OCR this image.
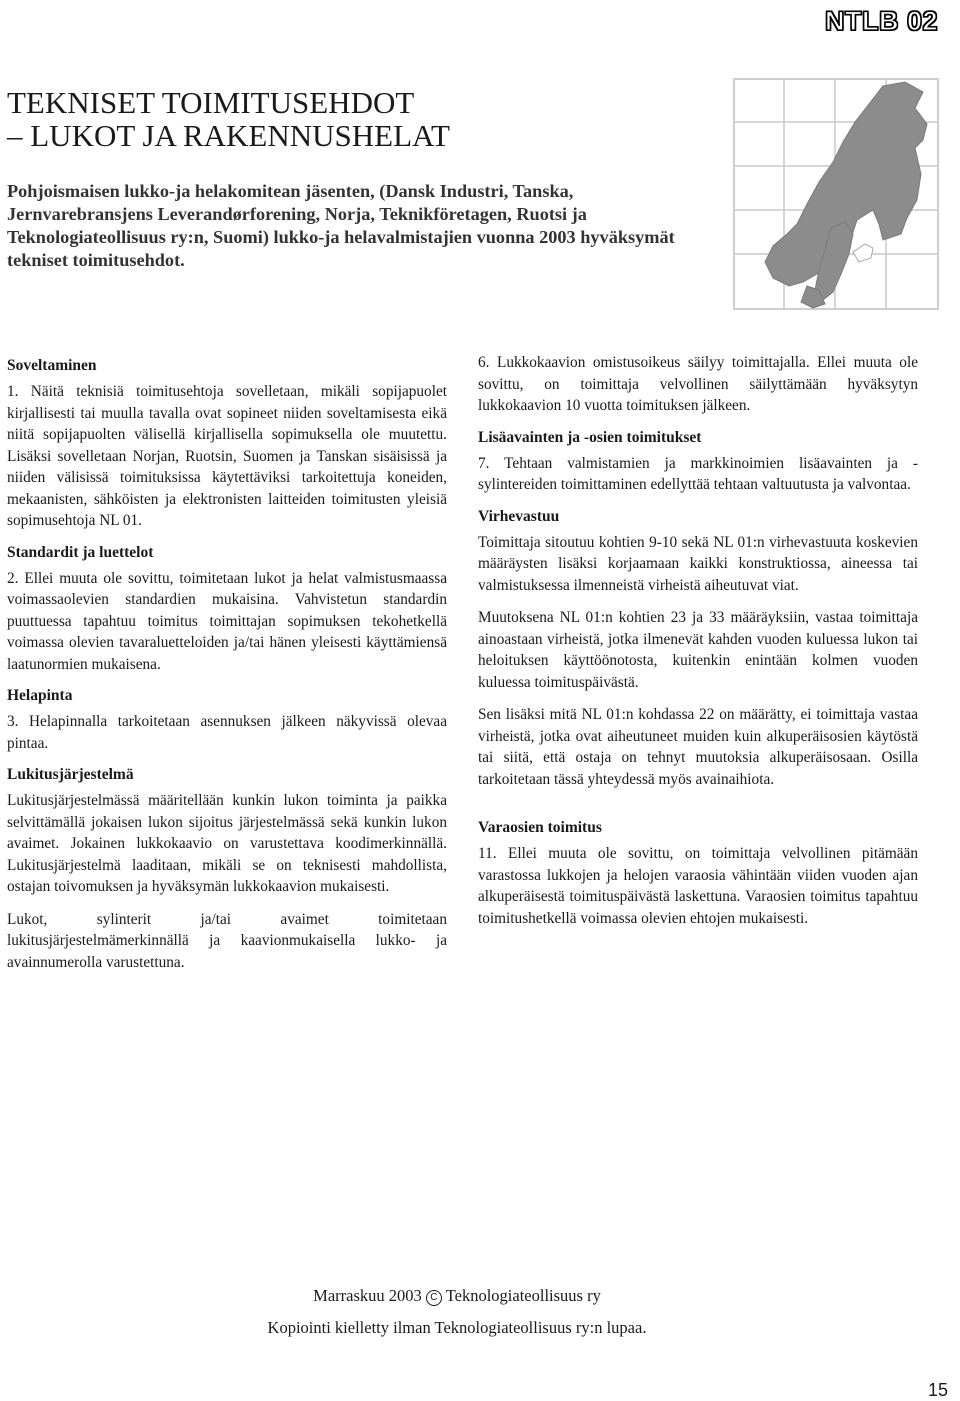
NTLB 02
TEKNISET TOIMITUSEHDOT
– LUKOT JA RAKENNUSHELAT

Pohjoismaisen lukko-ja helakomitean jäsenten, (Dansk Industri, Tanska, Jernvarebransjens Leverandørforening, Norja, Teknikföretagen, Ruotsi ja Teknologiateollisuus ry:n, Suomi) lukko-ja helavalmistajien vuonna 2003 hyväksymät tekniset toimitusehdot.

Soveltaminen

1. Näitä teknisiä toimitusehtoja sovelletaan, mikäli sopijapuolet kirjallisesti tai muulla tavalla ovat sopineet niiden soveltamisesta eikä niitä sopijapuolten välisellä kirjallisella sopimuksella ole muutettu. Lisäksi sovelletaan Norjan, Ruotsin, Suomen ja Tanskan sisäisissä ja niiden välisissä toimituksissa käytettäviksi tarkoitettuja koneiden, mekaanisten, sähköisten ja elektronisten laitteiden toimitusten yleisiä sopimusehtoja NL 01.

Standardit ja luettelot

2. Ellei muuta ole sovittu, toimitetaan lukot ja helat valmistusmaassa voimassaolevien standardien mukaisina. Vahvistetun standardin puuttuessa tapahtuu toimitus toimittajan sopimuksen tekohetkellä voimassa olevien tavaraluetteloiden ja/tai hänen yleisesti käyttämiensä laatunormien mukaisena.

Helapinta

3. Helapinnalla tarkoitetaan asennuksen jälkeen näkyvissä olevaa pintaa.

Lukitusjärjestelmä

Lukitusjärjestelmässä määritellään kunkin lukon toiminta ja paikka selvittämällä jokaisen lukon sijoitus järjestelmässä sekä kunkin lukon avaimet. Jokainen lukkokaavio on varustettava koodimerkinnällä. Lukitusjärjestelmä laaditaan, mikäli se on teknisesti mahdollista, ostajan toivomuksen ja hyväksymän lukkokaavion mukaisesti.

Lukot, sylinterit ja/tai avaimet toimitetaan lukitusjärjestelmämerkinnällä ja kaavionmukaisella lukko- ja avainnumerolla varustettuna.

6. Lukkokaavion omistusoikeus säilyy toimittajalla. Ellei muuta ole sovittu, on toimittaja velvollinen säilyttämään hyväksytyn lukkokaavion 10 vuotta toimituksen jälkeen.

Lisäavainten ja -osien toimitukset

7. Tehtaan valmistamien ja markkinoimien lisäavainten ja -sylintereiden toimittaminen edellyttää tehtaan valtuutusta ja valvontaa.

Virhevastuu

Toimittaja sitoutuu kohtien 9-10 sekä NL 01:n virhevastuuta koskevien määräysten lisäksi korjaamaan kaikki konstruktiossa, aineessa tai valmistuksessa ilmenneistä virheistä aiheutuvat viat.

Muutoksena NL 01:n kohtien 23 ja 33 määräyksiin, vastaa toimittaja ainoastaan virheistä, jotka ilmenevät kahden vuoden kuluessa lukon tai heloituksen käyttöönotosta, kuitenkin enintään kolmen vuoden kuluessa toimituspäivästä.

Sen lisäksi mitä NL 01:n kohdassa 22 on määrätty, ei toimittaja vastaa virheistä, jotka ovat aiheutuneet muiden kuin alkuperäisosien käytöstä tai siitä, että ostaja on tehnyt muutoksia alkuperäisosaan. Osilla tarkoitetaan tässä yhteydessä myös avainaihiota.

Varaosien toimitus

11. Ellei muuta ole sovittu, on toimittaja velvollinen pitämään varastossa lukkojen ja helojen varaosia vähintään viiden vuoden ajan alkuperäisestä toimituspäivästä laskettuna. Varaosien toimitus tapahtuu toimitushetkellä voimassa olevien ehtojen mukaisesti.

Marraskuu 2003 C Teknologiateollisuus ry
Kopiointi kielletty ilman Teknologiateollisuus ry:n lupaa.
15
